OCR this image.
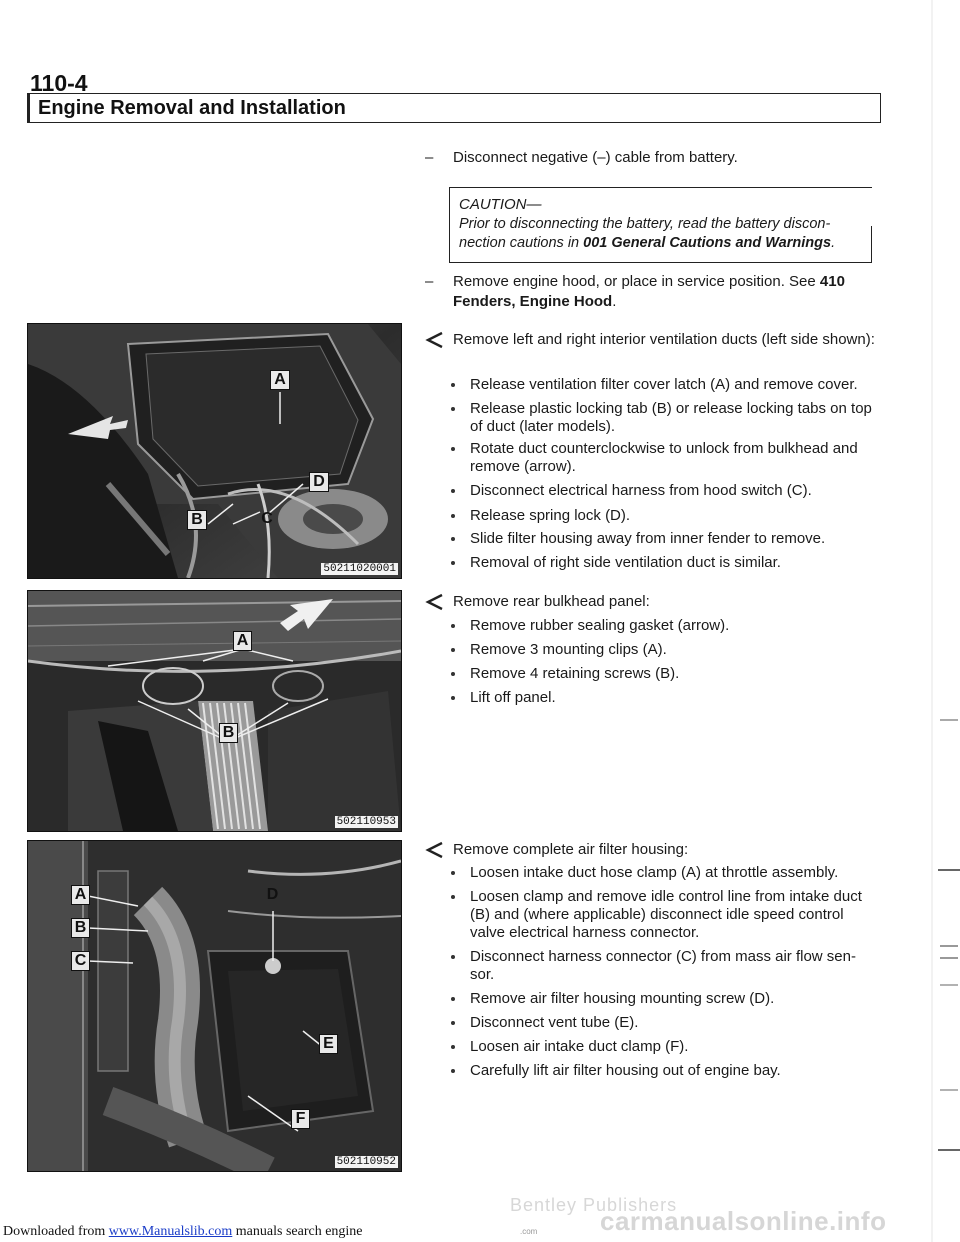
110-4
Engine Removal and Installation
– Disconnect negative (–) cable from battery.
CAUTION—
Prior to disconnecting the battery, read the battery discon-nection cautions in 001 General Cautions and Warnings.
– Remove engine hood, or place in service position. See 410 Fenders, Engine Hood.
Remove left and right interior ventilation ducts (left side shown):
Release ventilation filter cover latch (A) and remove cover.
Release plastic locking tab (B) or release locking tabs on top of duct (later models).
Rotate duct counterclockwise to unlock from bulkhead and remove (arrow).
Disconnect electrical harness from hood switch (C).
Release spring lock (D).
Slide filter housing away from inner fender to remove.
Removal of right side ventilation duct is similar.
Remove rear bulkhead panel:
Remove rubber sealing gasket (arrow).
Remove 3 mounting clips (A).
Remove 4 retaining screws (B).
Lift off panel.
Remove complete air filter housing:
Loosen intake duct hose clamp (A) at throttle assembly.
Loosen clamp and remove idle control line from intake duct (B) and (where applicable) disconnect idle speed control valve electrical harness connector.
Disconnect harness connector (C) from mass air flow sen-sor.
Remove air filter housing mounting screw (D).
Disconnect vent tube (E).
Loosen air intake duct clamp (F).
Carefully lift air filter housing out of engine bay.
A
B	C
D
50211020001
A
B
502110953
A
B
C
D
E
F
502110952
Downloaded from www.Manualslib.com manuals search engine
Bentley Publishers
.com carmanualsonline.info
